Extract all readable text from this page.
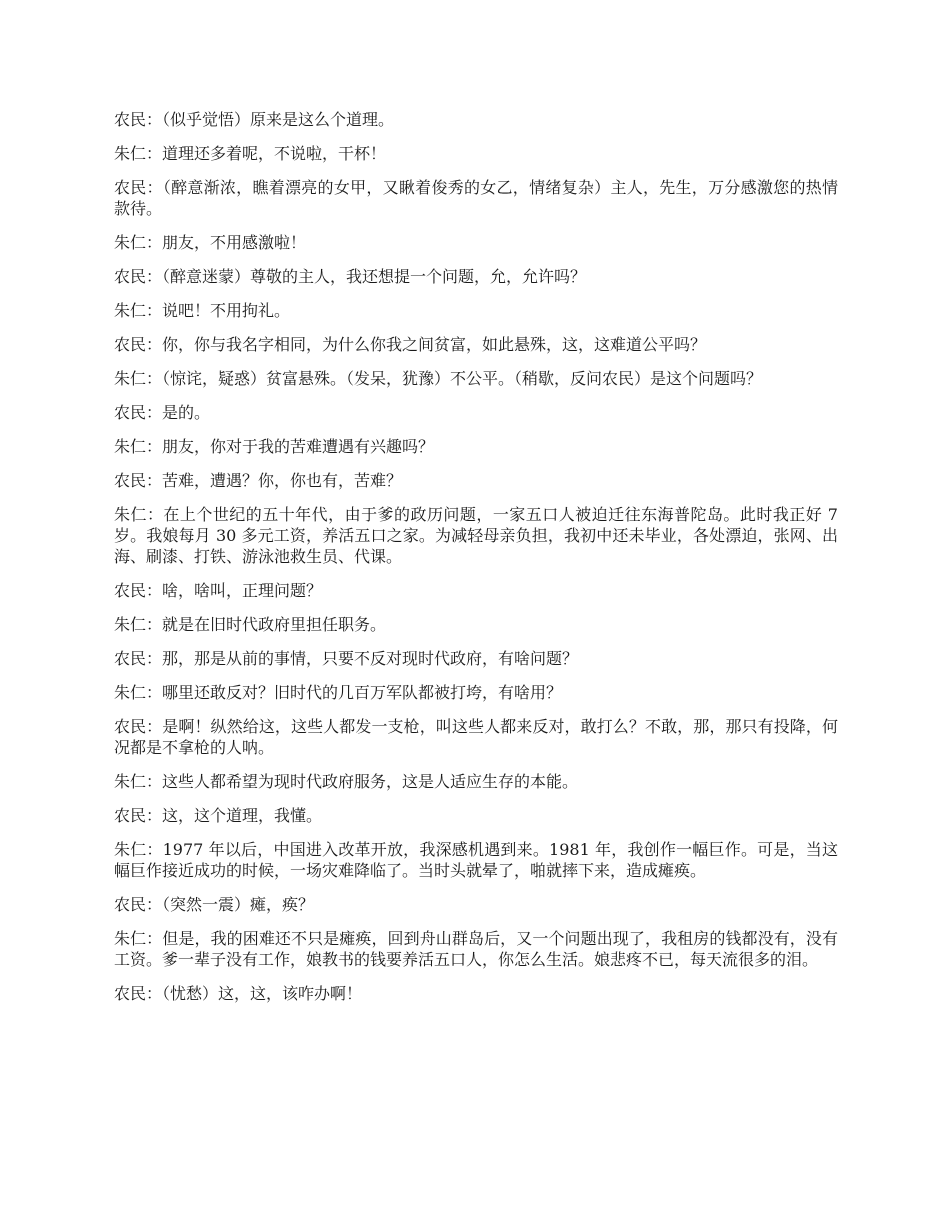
农民：（似乎觉悟）原来是这么个道理。

朱仁：道理还多着呢，不说啦，干杯！

农民：（醉意渐浓，瞧着漂亮的女甲，又瞅着俊秀的女乙，情绪复杂）主人，先生，万分感激您的热情款待。

朱仁：朋友，不用感激啦！

农民：（醉意迷蒙）尊敬的主人，我还想提一个问题，允，允许吗？

朱仁：说吧！不用拘礼。

农民：你，你与我名字相同，为什么你我之间贫富，如此悬殊，这，这难道公平吗？

朱仁：（惊诧，疑惑）贫富悬殊。（发呆，犹豫）不公平。（稍歇，反问农民）是这个问题吗？

农民：是的。

朱仁：朋友，你对于我的苦难遭遇有兴趣吗？

农民：苦难，遭遇？你，你也有，苦难？

朱仁：在上个世纪的五十年代，由于爹的政历问题，一家五口人被迫迁往东海普陀岛。此时我正好 7 岁。我娘每月 30 多元工资，养活五口之家。为减轻母亲负担，我初中还未毕业，各处漂迫，张网、出海、刷漆、打铁、游泳池救生员、代课。

农民：啥，啥叫，正理问题？

朱仁：就是在旧时代政府里担任职务。

农民：那，那是从前的事情，只要不反对现时代政府，有啥问题？

朱仁：哪里还敢反对？旧时代的几百万军队都被打垮，有啥用？

农民：是啊！纵然给这，这些人都发一支枪，叫这些人都来反对，敢打么？不敢，那，那只有投降，何况都是不拿枪的人呐。

朱仁：这些人都希望为现时代政府服务，这是人适应生存的本能。

农民：这，这个道理，我懂。

朱仁：1977 年以后，中国进入改革开放，我深感机遇到来。1981 年，我创作一幅巨作。可是，当这幅巨作接近成功的时候，一场灾难降临了。当时头就晕了，啪就摔下来，造成瘫痪。

农民：（突然一震）瘫，痪？

朱仁：但是，我的困难还不只是瘫痪，回到舟山群岛后，又一个问题出现了，我租房的钱都没有，没有工资。爹一辈子没有工作，娘教书的钱要养活五口人，你怎么生活。娘悲疼不已，每天流很多的泪。

农民：（忧愁）这，这，该咋办啊！
